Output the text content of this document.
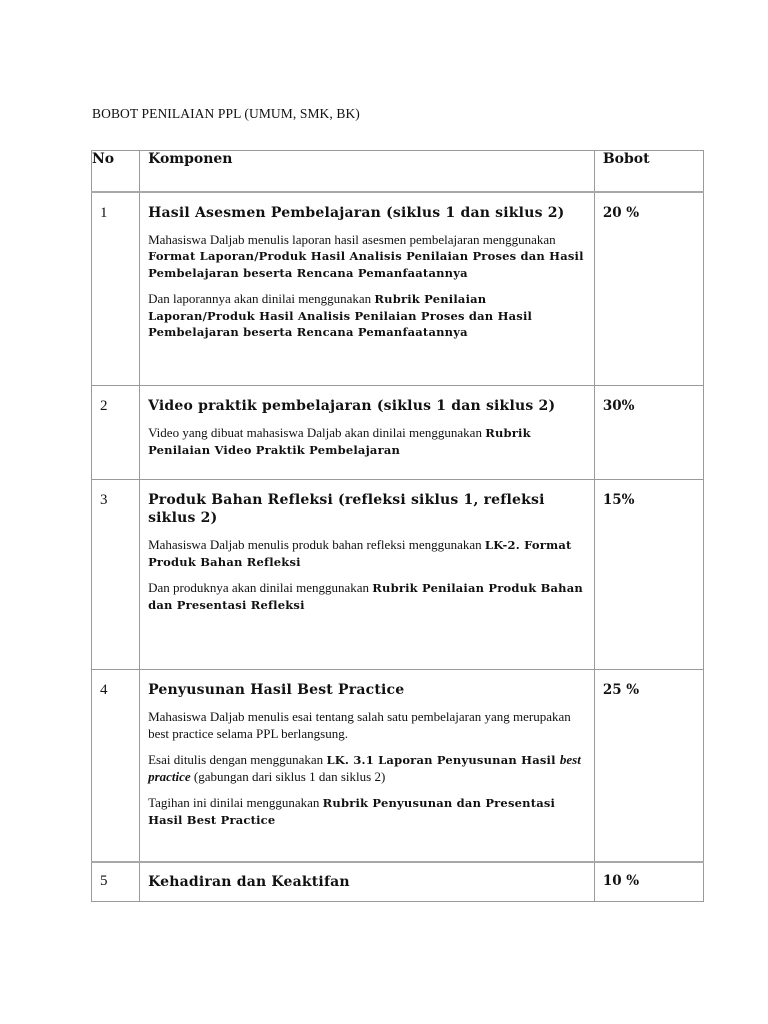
BOBOT PENILAIAN PPL (UMUM, SMK, BK)
No	Komponen	Bobot
1	Hasil Asesmen Pembelajaran (siklus 1 dan siklus 2)

Mahasiswa Daljab menulis laporan hasil asesmen pembelajaran menggunakan Format Laporan/Produk Hasil Analisis Penilaian Proses dan Hasil Pembelajaran beserta Rencana Pemanfaatannya

Dan laporannya akan dinilai menggunakan Rubrik Penilaian Laporan/Produk Hasil Analisis Penilaian Proses dan Hasil Pembelajaran beserta Rencana Pemanfaatannya	20 %
2	Video praktik pembelajaran (siklus 1 dan siklus 2)

Video yang dibuat mahasiswa Daljab akan dinilai menggunakan Rubrik Penilaian Video Praktik Pembelajaran	30%
3	Produk Bahan Refleksi (refleksi siklus 1, refleksi siklus 2)

Mahasiswa Daljab menulis produk bahan refleksi menggunakan LK-2. Format Produk Bahan Refleksi

Dan produknya akan dinilai menggunakan Rubrik Penilaian Produk Bahan dan Presentasi Refleksi	15%
4	Penyusunan Hasil Best Practice

Mahasiswa Daljab menulis esai tentang salah satu pembelajaran yang merupakan best practice selama PPL berlangsung.

Esai ditulis dengan menggunakan LK. 3.1 Laporan Penyusunan Hasil best practice (gabungan dari siklus 1 dan siklus 2)

Tagihan ini dinilai menggunakan Rubrik Penyusunan dan Presentasi Hasil Best Practice	25 %
5	Kehadiran dan Keaktifan	10 %
